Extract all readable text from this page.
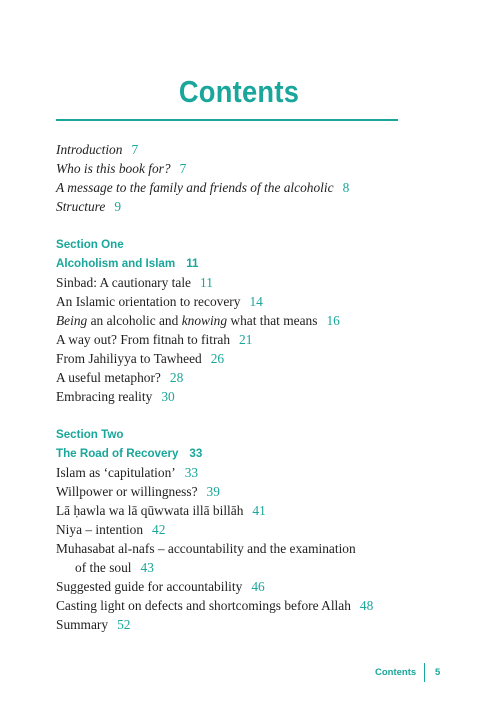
Contents
Introduction 7
Who is this book for? 7
A message to the family and friends of the alcoholic 8
Structure 9
Section One
Alcoholism and Islam 11
Sinbad: A cautionary tale 11
An Islamic orientation to recovery 14
Being an alcoholic and knowing what that means 16
A way out? From fitnah to fitrah 21
From Jahiliyya to Tawheed 26
A useful metaphor? 28
Embracing reality 30
Section Two
The Road of Recovery 33
Islam as ‘capitulation’ 33
Willpower or willingness? 39
Lā ḥawla wa lā qūwwata illā billāh 41
Niya – intention 42
Muhasabat al-nafs – accountability and the examination
of the soul 43
Suggested guide for accountability 46
Casting light on defects and shortcomings before Allah 48
Summary 52
Contents 5
